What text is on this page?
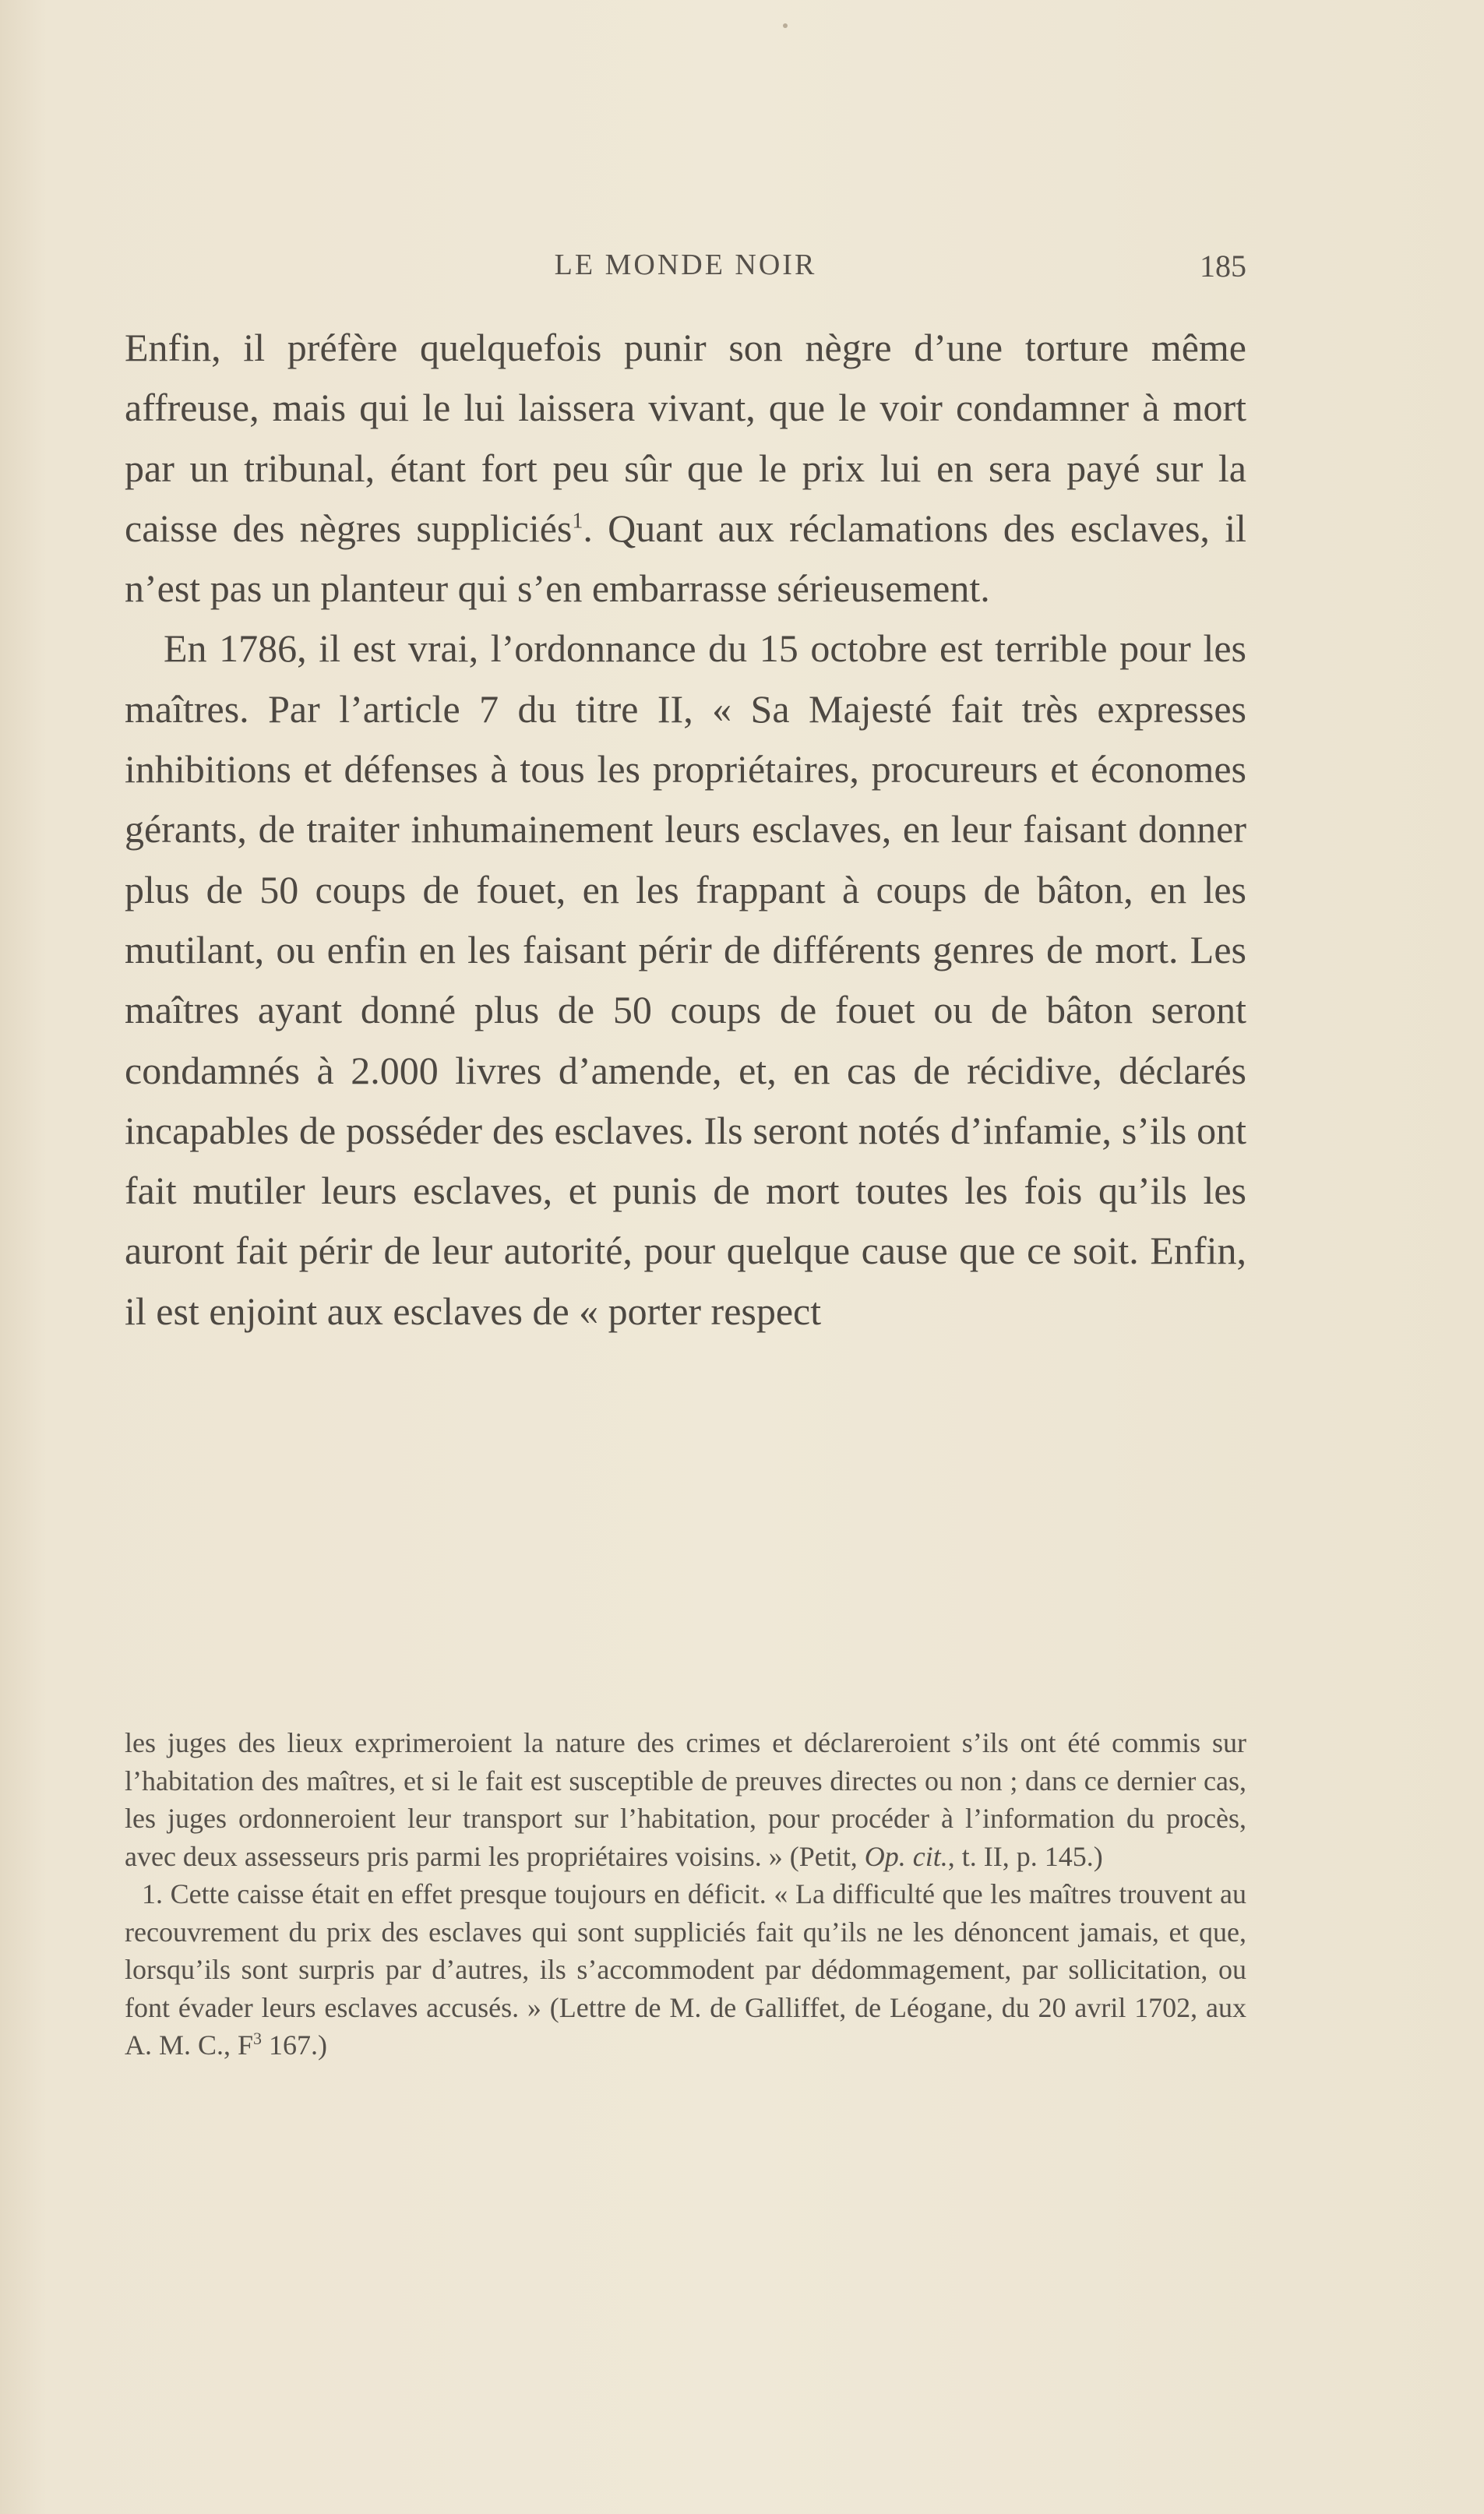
LE MONDE NOIR	185

Enfin, il préfère quelquefois punir son nègre d’une torture même affreuse, mais qui le lui laissera vivant, que le voir condamner à mort par un tribunal, étant fort peu sûr que le prix lui en sera payé sur la caisse des nègres suppliciés$^1$. Quant aux réclamations des esclaves, il n’est pas un planteur qui s’en embarrasse sérieusement.

En 1786, il est vrai, l’ordonnance du 15 octobre est terrible pour les maîtres. Par l’article 7 du titre II, « Sa Majesté fait très expresses inhibitions et défenses à tous les propriétaires, procureurs et économes gérants, de traiter inhumainement leurs esclaves, en leur faisant donner plus de 50 coups de fouet, en les frappant à coups de bâton, en les mutilant, ou enfin en les faisant périr de différents genres de mort. Les maîtres ayant donné plus de 50 coups de fouet ou de bâton seront condamnés à 2.000 livres d’amende, et, en cas de récidive, déclarés incapables de posséder des esclaves. Ils seront notés d’infamie, s’ils ont fait mutiler leurs esclaves, et punis de mort toutes les fois qu’ils les auront fait périr de leur autorité, pour quelque cause que ce soit. Enfin, il est enjoint aux esclaves de « porter respect

les juges des lieux exprimeroient la nature des crimes et déclareroient s’ils ont été commis sur l’habitation des maîtres, et si le fait est susceptible de preuves directes ou non ; dans ce dernier cas, les juges ordonneroient leur transport sur l’habitation, pour procéder à l’information du procès, avec deux assesseurs pris parmi les propriétaires voisins. » (Petit, Op. cit., t. II, p. 145.)

1. Cette caisse était en effet presque toujours en déficit. « La difficulté que les maîtres trouvent au recouvrement du prix des esclaves qui sont suppliciés fait qu’ils ne les dénoncent jamais, et que, lorsqu’ils sont surpris par d’autres, ils s’accommodent par dédommagement, par sollicitation, ou font évader leurs esclaves accusés. » (Lettre de M. de Galliffet, de Léogane, du 20 avril 1702, aux A. M. C., $F^3$ 167.)
